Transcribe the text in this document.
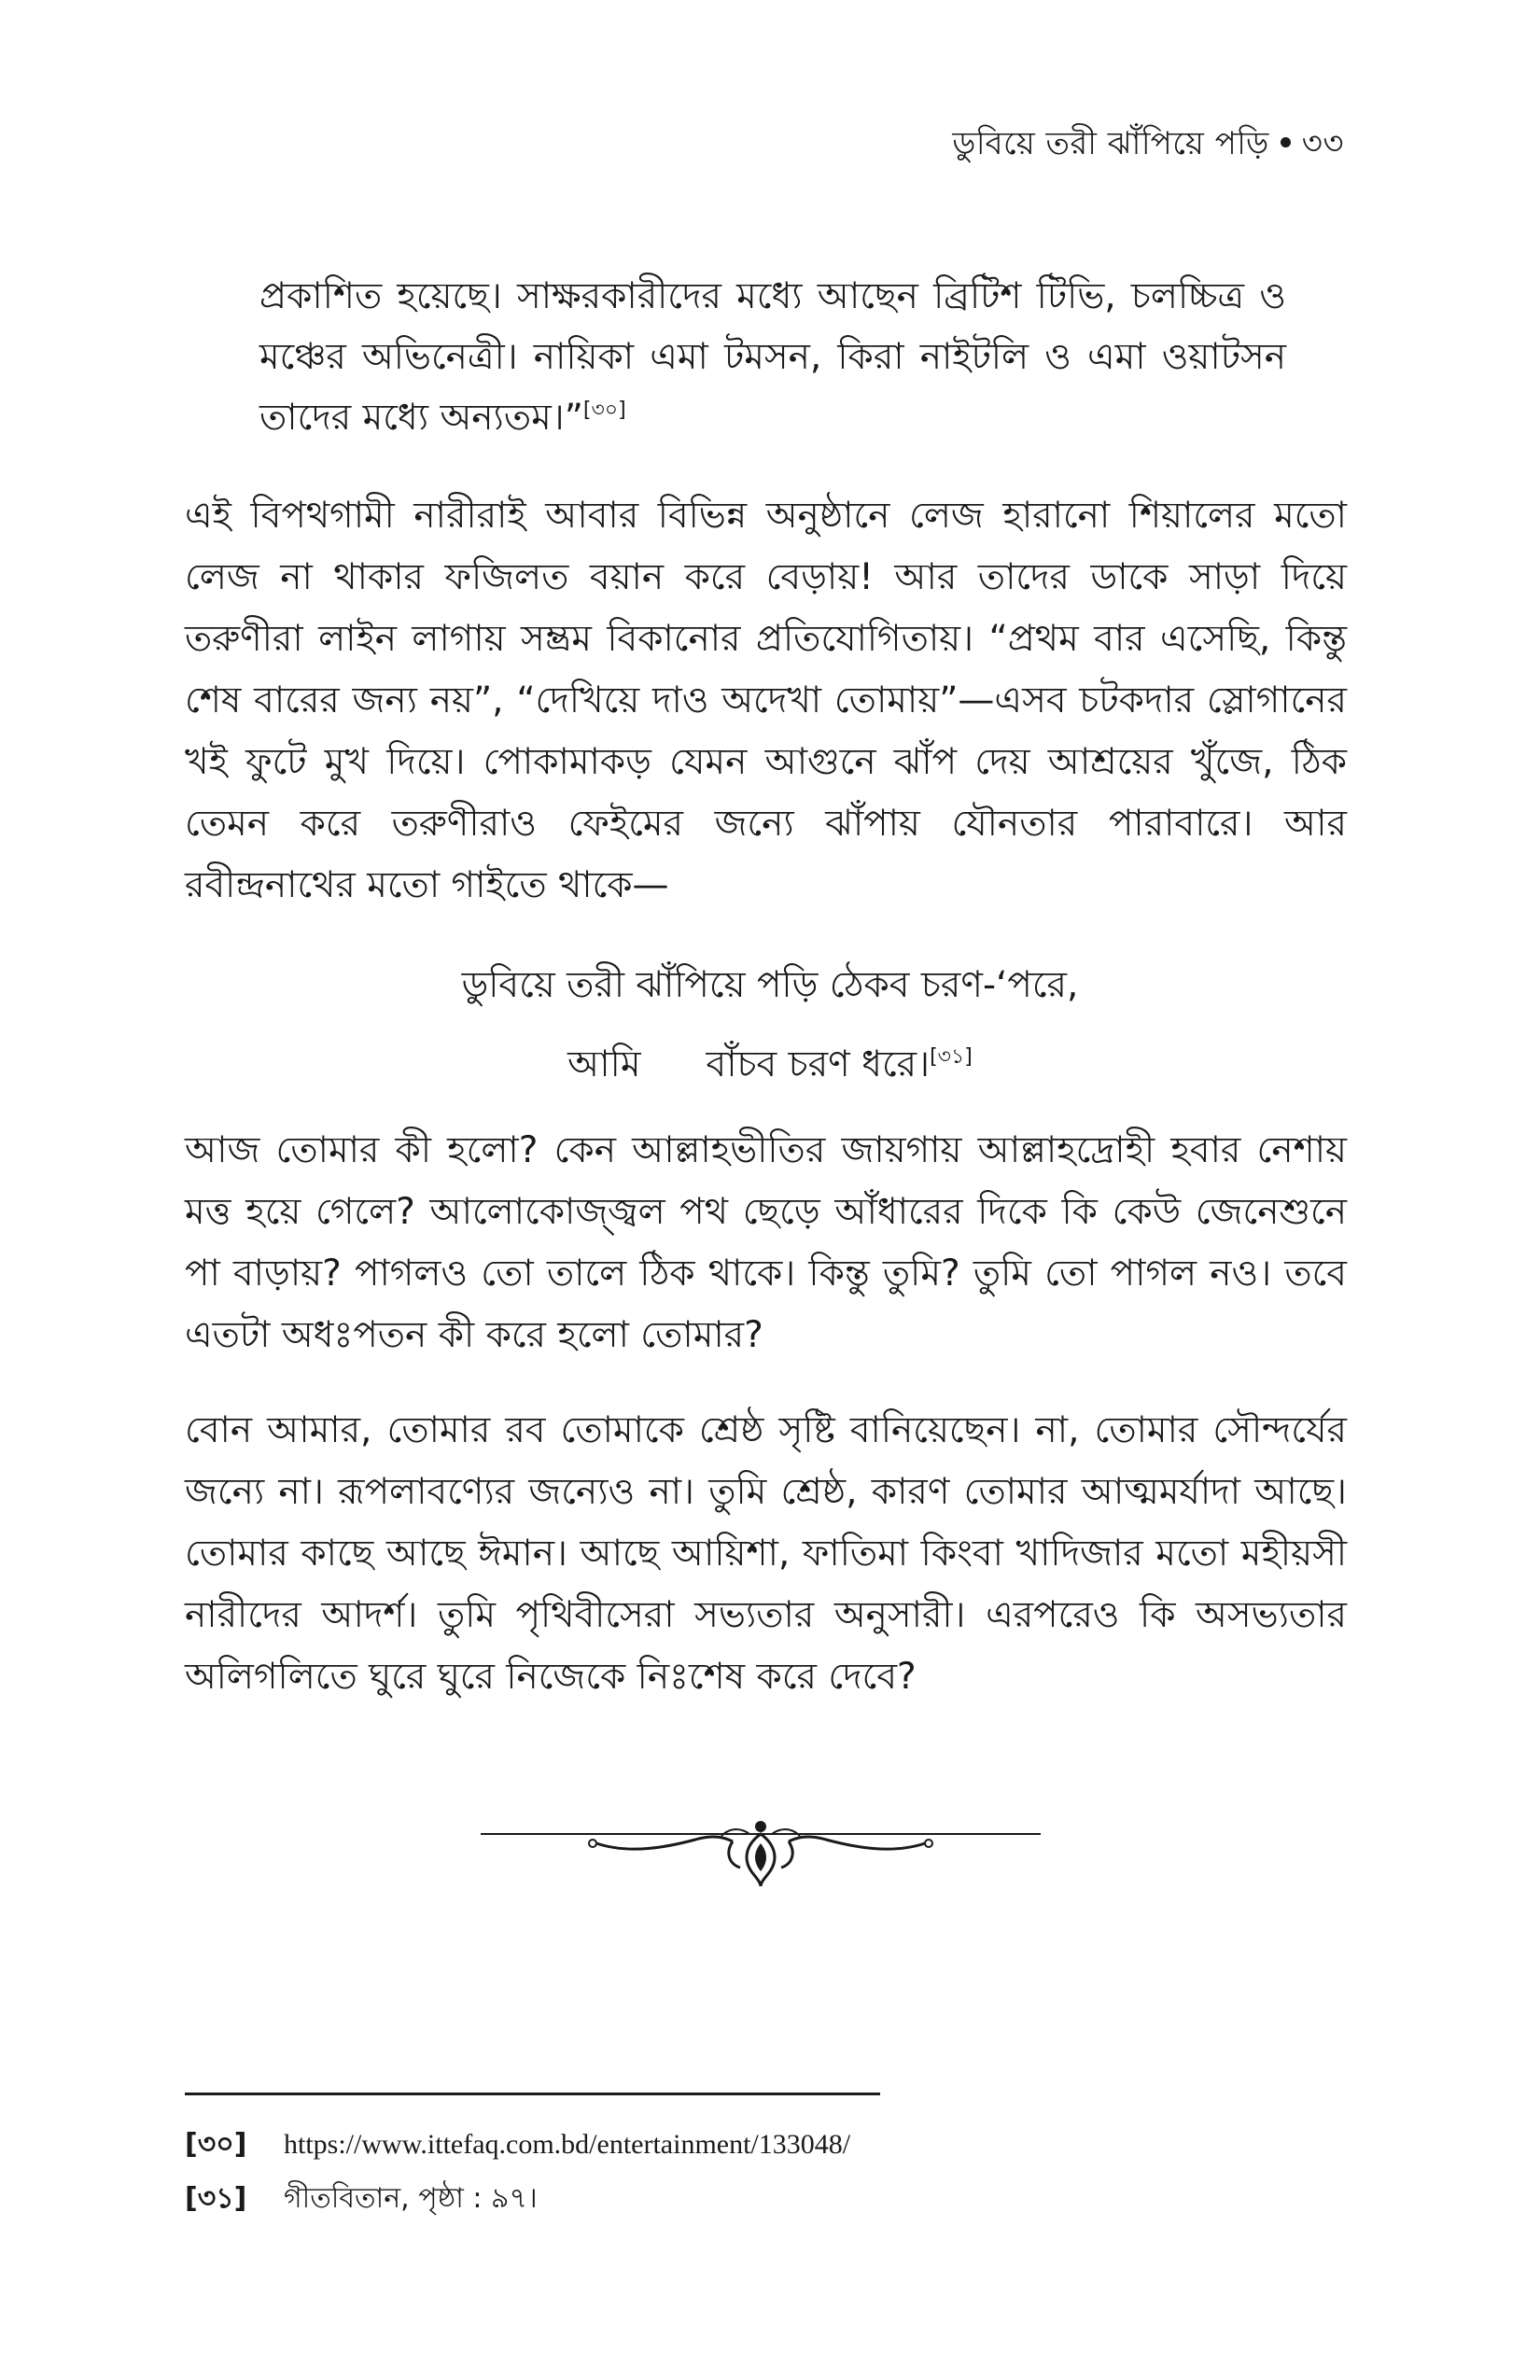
ডুবিয়ে তরী ঝাঁপিয়ে পড়ি ৩৩
প্রকাশিত হয়েছে। সাক্ষরকারীদের মধ্যে আছেন ব্রিটিশ টিভি, চলচ্চিত্র ও মঞ্চের অভিনেত্রী। নায়িকা এমা টমসন, কিরা নাইটলি ও এমা ওয়াটসন তাদের মধ্যে অন্যতম।”[৩০]

এই বিপথগামী নারীরাই আবার বিভিন্ন অনুষ্ঠানে লেজ হারানো শিয়ালের মতো লেজ না থাকার ফজিলত বয়ান করে বেড়ায়! আর তাদের ডাকে সাড়া দিয়ে তরুণীরা লাইন লাগায় সম্ভ্রম বিকানোর প্রতিযোগিতায়। “প্রথম বার এসেছি, কিন্তু শেষ বারের জন্য নয়”, “দেখিয়ে দাও অদেখা তোমায়”—এসব চটকদার স্লোগানের খই ফুটে মুখ দিয়ে। পোকামাকড় যেমন আগুনে ঝাঁপ দেয় আশ্রয়ের খুঁজে, ঠিক তেমন করে তরুণীরাও ফেইমের জন্যে ঝাঁপায় যৌনতার পারাবারে। আর রবীন্দ্রনাথের মতো গাইতে থাকে—

ডুবিয়ে তরী ঝাঁপিয়ে পড়ি ঠেকব চরণ-‘পরে,
আমি বাঁচব চরণ ধরে।[৩১]

আজ তোমার কী হলো? কেন আল্লাহভীতির জায়গায় আল্লাহদ্রোহী হবার নেশায় মত্ত হয়ে গেলে? আলোকোজ্জ্বল পথ ছেড়ে আঁধারের দিকে কি কেউ জেনেশুনে পা বাড়ায়? পাগলও তো তালে ঠিক থাকে। কিন্তু তুমি? তুমি তো পাগল নও। তবে এতটা অধঃপতন কী করে হলো তোমার?

বোন আমার, তোমার রব তোমাকে শ্রেষ্ঠ সৃষ্টি বানিয়েছেন। না, তোমার সৌন্দর্যের জন্যে না। রূপলাবণ্যের জন্যেও না। তুমি শ্রেষ্ঠ, কারণ তোমার আত্মমর্যাদা আছে। তোমার কাছে আছে ঈমান। আছে আয়িশা, ফাতিমা কিংবা খাদিজার মতো মহীয়সী নারীদের আদর্শ। তুমি পৃথিবীসেরা সভ্যতার অনুসারী। এরপরেও কি অসভ্যতার অলিগলিতে ঘুরে ঘুরে নিজেকে নিঃশেষ করে দেবে?

[৩০] https://www.ittefaq.com.bd/entertainment/133048/
[৩১] গীতবিতান, পৃষ্ঠা : ৯৭।
